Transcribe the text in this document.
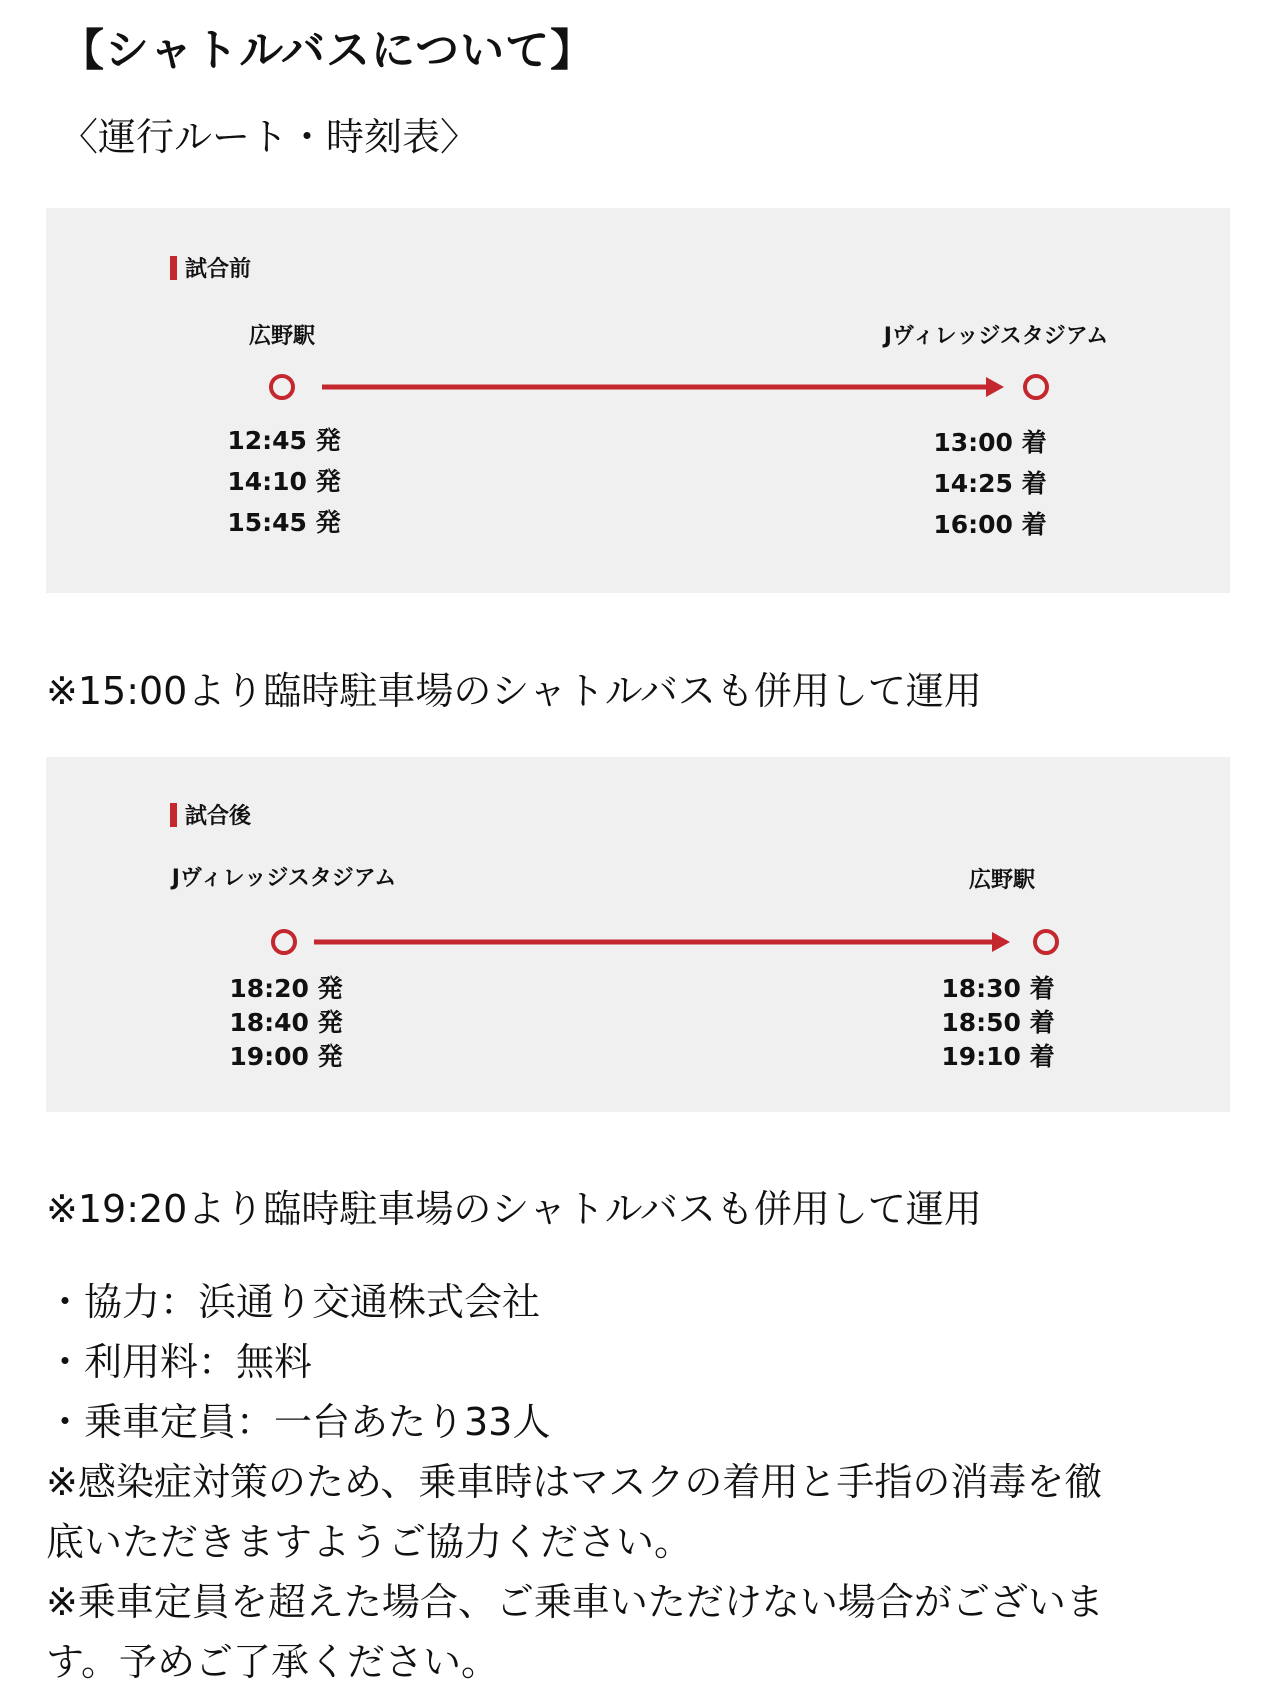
【シャトルバスについて】
〈運行ルート・時刻表〉
試合前
広野駅	Jヴィレッジスタジアム
12:45 発
14:10 発
15:45 発
13:00 着
14:25 着
16:00 着
※15:00より臨時駐車場のシャトルバスも併用して運用
試合後
Jヴィレッジスタジアム	広野駅
18:20 発
18:40 発
19:00 発
18:30 着
18:50 着
19:10 着
※19:20より臨時駐車場のシャトルバスも併用して運用
・協力：浜通り交通株式会社
・利用料：無料
・乗車定員：一台あたり33人
※感染症対策のため、乗車時はマスクの着用と手指の消毒を徹
底いただきますようご協力ください。
※乗車定員を超えた場合、ご乗車いただけない場合がございま
す。予めご了承ください。
